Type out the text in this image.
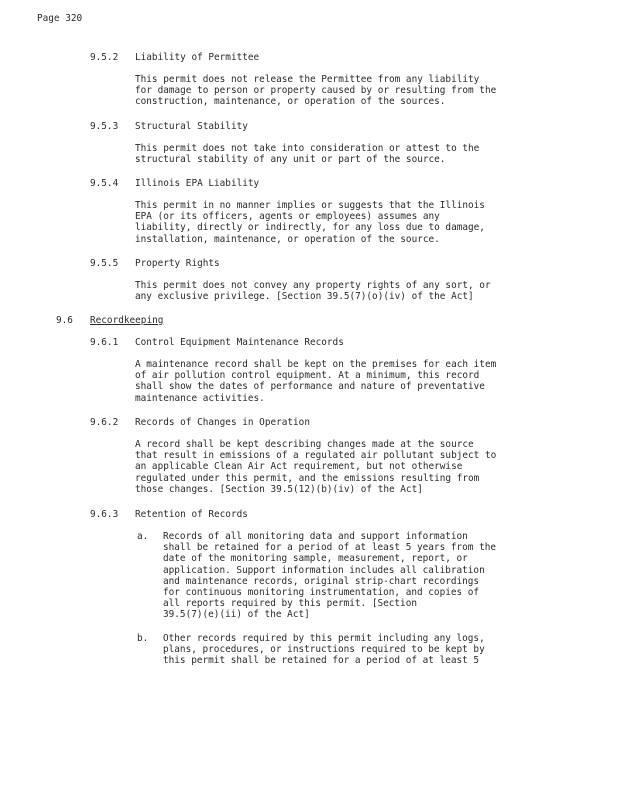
Page 320
9.5.2 Liability of Permittee
This permit does not release the Permittee from any liability
for damage to person or property caused by or resulting from the
construction, maintenance, or operation of the sources.
9.5.3 Structural Stability
This permit does not take into consideration or attest to the
structural stability of any unit or part of the source.
9.5.4 Illinois EPA Liability
This permit in no manner implies or suggests that the Illinois
EPA (or its officers, agents or employees) assumes any
liability, directly or indirectly, for any loss due to damage,
installation, maintenance, or operation of the source.
9.5.5 Property Rights
This permit does not convey any property rights of any sort, or
any exclusive privilege. [Section 39.5(7)(o)(iv) of the Act]
9.6 Recordkeeping
9.6.1 Control Equipment Maintenance Records
A maintenance record shall be kept on the premises for each item
of air pollution control equipment. At a minimum, this record
shall show the dates of performance and nature of preventative
maintenance activities.
9.6.2 Records of Changes in Operation
A record shall be kept describing changes made at the source
that result in emissions of a regulated air pollutant subject to
an applicable Clean Air Act requirement, but not otherwise
regulated under this permit, and the emissions resulting from
those changes. [Section 39.5(12)(b)(iv) of the Act]
9.6.3 Retention of Records
a. Records of all monitoring data and support information
shall be retained for a period of at least 5 years from the
date of the monitoring sample, measurement, report, or
application. Support information includes all calibration
and maintenance records, original strip-chart recordings
for continuous monitoring instrumentation, and copies of
all reports required by this permit. [Section
39.5(7)(e)(ii) of the Act]
b. Other records required by this permit including any logs,
plans, procedures, or instructions required to be kept by
this permit shall be retained for a period of at least 5
